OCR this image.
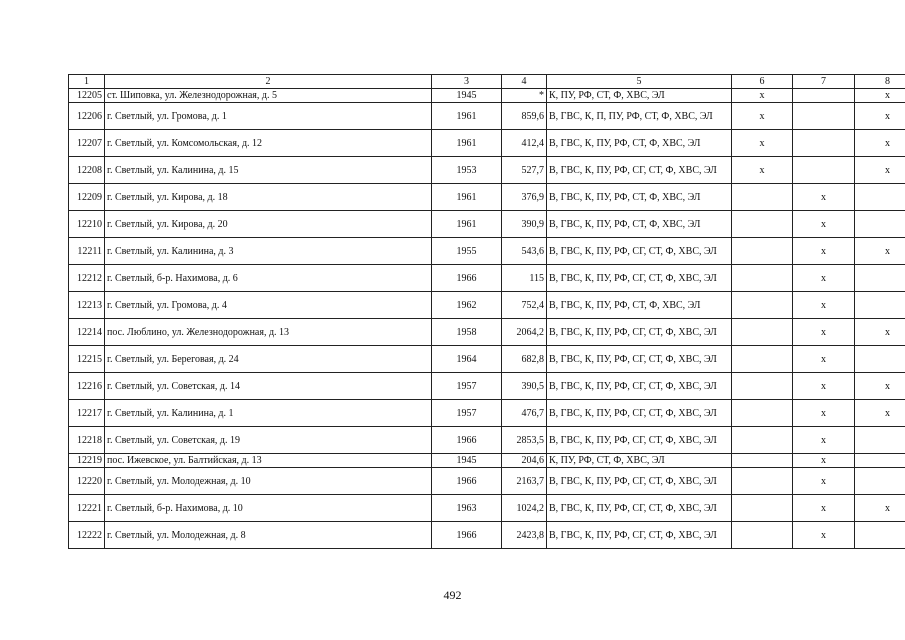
1	2	3	4	5	6	7	8
12205	ст. Шиповка, ул. Железнодорожная, д. 5	1945	*	К, ПУ, РФ, СТ, Ф, ХВС, ЭЛ	х		х
12206	г. Светлый, ул. Громова, д. 1	1961	859,6	В, ГВС, К, П, ПУ, РФ, СТ, Ф, ХВС, ЭЛ	х		х
12207	г. Светлый, ул. Комсомольская, д. 12	1961	412,4	В, ГВС, К, ПУ, РФ, СТ, Ф, ХВС, ЭЛ	х		х
12208	г. Светлый, ул. Калинина, д. 15	1953	527,7	В, ГВС, К, ПУ, РФ, СГ, СТ, Ф, ХВС, ЭЛ	х		х
12209	г. Светлый, ул. Кирова, д. 18	1961	376,9	В, ГВС, К, ПУ, РФ, СТ, Ф, ХВС, ЭЛ		х	
12210	г. Светлый, ул. Кирова, д. 20	1961	390,9	В, ГВС, К, ПУ, РФ, СТ, Ф, ХВС, ЭЛ		х	
12211	г. Светлый, ул. Калинина, д. 3	1955	543,6	В, ГВС, К, ПУ, РФ, СГ, СТ, Ф, ХВС, ЭЛ		х	х
12212	г. Светлый, б-р. Нахимова, д. 6	1966	115	В, ГВС, К, ПУ, РФ, СГ, СТ, Ф, ХВС, ЭЛ		х	
12213	г. Светлый, ул. Громова, д. 4	1962	752,4	В, ГВС, К, ПУ, РФ, СТ, Ф, ХВС, ЭЛ		х	
12214	пос. Люблино, ул. Железнодорожная, д. 13	1958	2064,2	В, ГВС, К, ПУ, РФ, СГ, СТ, Ф, ХВС, ЭЛ		х	х
12215	г. Светлый, ул. Береговая, д. 24	1964	682,8	В, ГВС, К, ПУ, РФ, СГ, СТ, Ф, ХВС, ЭЛ		х	
12216	г. Светлый, ул. Советская, д. 14	1957	390,5	В, ГВС, К, ПУ, РФ, СГ, СТ, Ф, ХВС, ЭЛ		х	х
12217	г. Светлый, ул. Калинина, д. 1	1957	476,7	В, ГВС, К, ПУ, РФ, СГ, СТ, Ф, ХВС, ЭЛ		х	х
12218	г. Светлый, ул. Советская, д. 19	1966	2853,5	В, ГВС, К, ПУ, РФ, СГ, СТ, Ф, ХВС, ЭЛ		х	
12219	пос. Ижевское, ул. Балтийская, д. 13	1945	204,6	К, ПУ, РФ, СТ, Ф, ХВС, ЭЛ		х	
12220	г. Светлый, ул. Молодежная, д. 10	1966	2163,7	В, ГВС, К, ПУ, РФ, СГ, СТ, Ф, ХВС, ЭЛ		х	
12221	г. Светлый, б-р. Нахимова, д. 10	1963	1024,2	В, ГВС, К, ПУ, РФ, СГ, СТ, Ф, ХВС, ЭЛ		х	х
12222	г. Светлый, ул. Молодежная, д. 8	1966	2423,8	В, ГВС, К, ПУ, РФ, СГ, СТ, Ф, ХВС, ЭЛ		х	
492
